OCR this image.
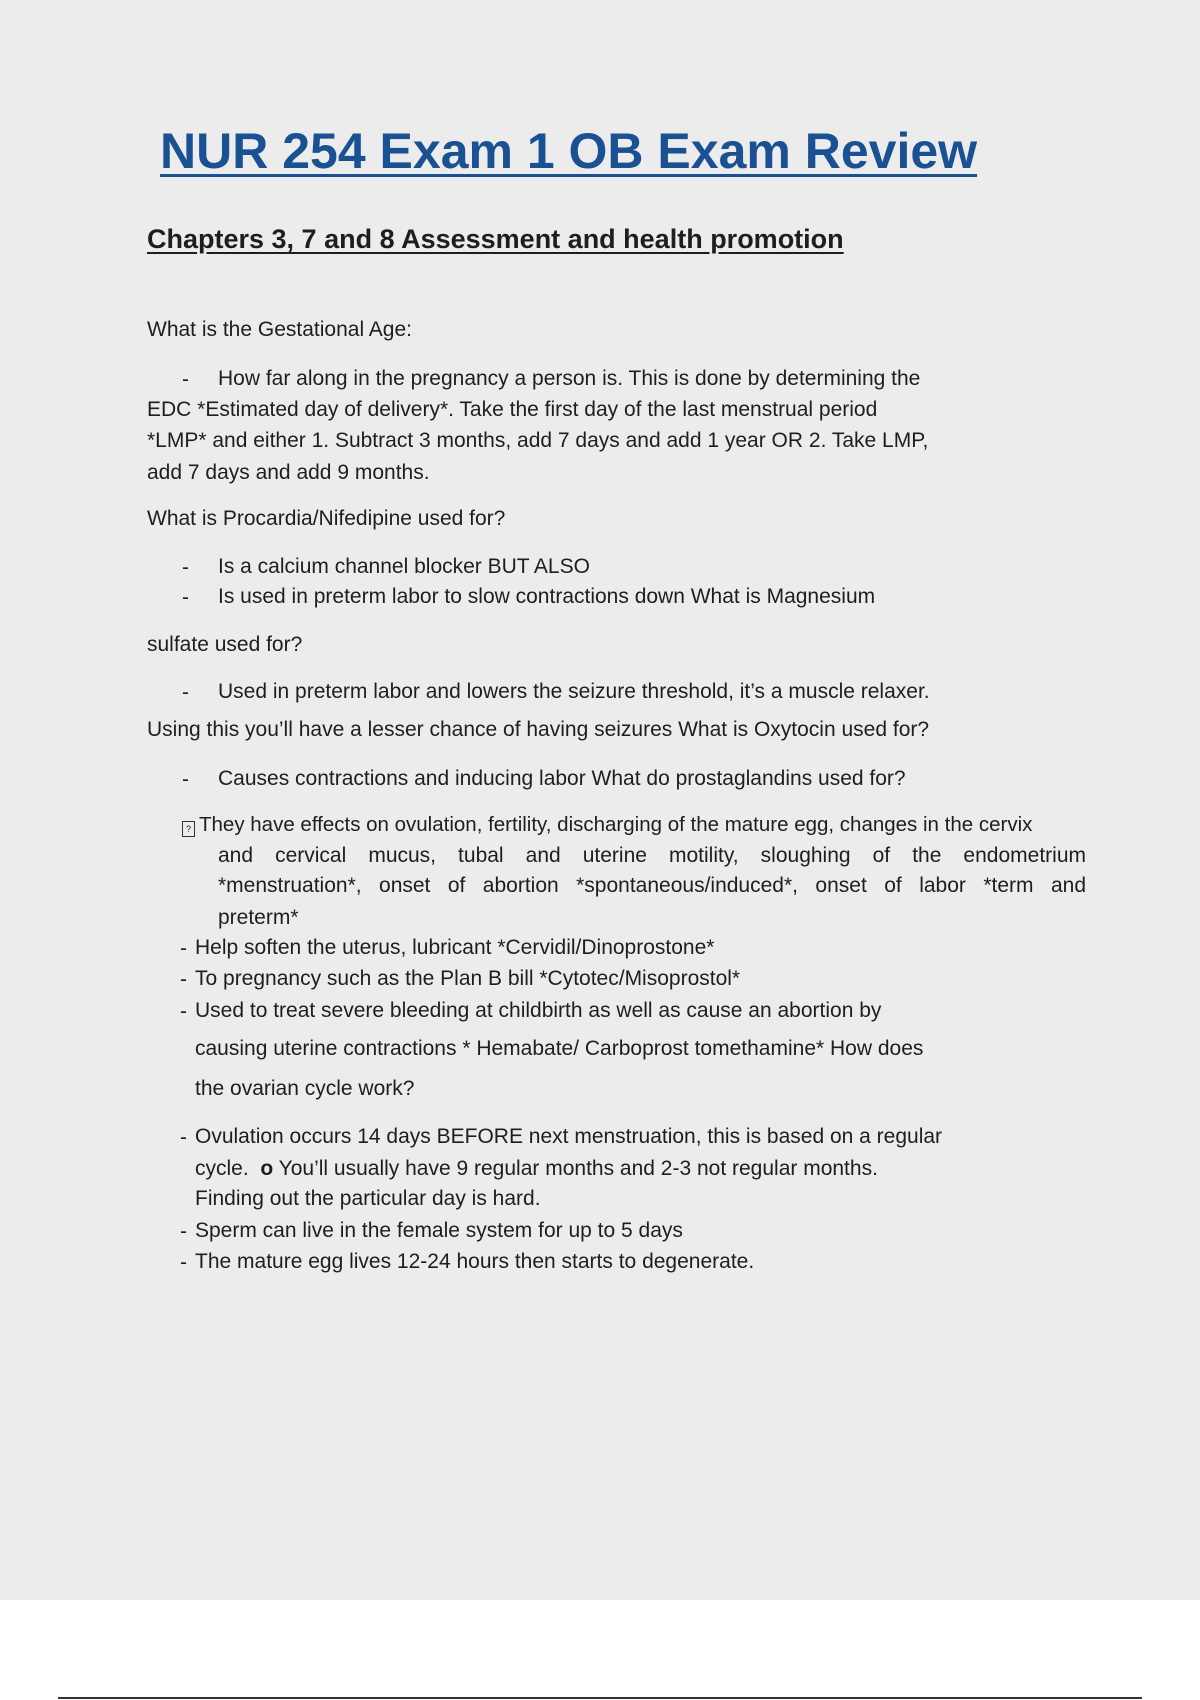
NUR 254 Exam 1 OB Exam Review
Chapters 3, 7 and 8 Assessment and health promotion
What is the Gestational Age:
- How far along in the pregnancy a person is. This is done by determining the
EDC *Estimated day of delivery*. Take the first day of the last menstrual period
*LMP* and either 1. Subtract 3 months, add 7 days and add 1 year OR 2. Take LMP,
add 7 days and add 9 months.
What is Procardia/Nifedipine used for?
- Is a calcium channel blocker BUT ALSO
- Is used in preterm labor to slow contractions down What is Magnesium
sulfate used for?
- Used in preterm labor and lowers the seizure threshold, it’s a muscle relaxer.
Using this you’ll have a lesser chance of having seizures What is Oxytocin used for?
- Causes contractions and inducing labor What do prostaglandins used for?
? They have effects on ovulation, fertility, discharging of the mature egg, changes in the cervix
and cervical mucus, tubal and uterine motility, sloughing of the endometrium
*menstruation*, onset of abortion *spontaneous/induced*, onset of labor *term and
preterm*
- Help soften the uterus, lubricant *Cervidil/Dinoprostone*
- To pregnancy such as the Plan B bill *Cytotec/Misoprostol*
- Used to treat severe bleeding at childbirth as well as cause an abortion by
causing uterine contractions * Hemabate/ Carboprost tomethamine* How does
the ovarian cycle work?
- Ovulation occurs 14 days BEFORE next menstruation, this is based on a regular
cycle. o You’ll usually have 9 regular months and 2-3 not regular months.
Finding out the particular day is hard.
- Sperm can live in the female system for up to 5 days
- The mature egg lives 12-24 hours then starts to degenerate.
